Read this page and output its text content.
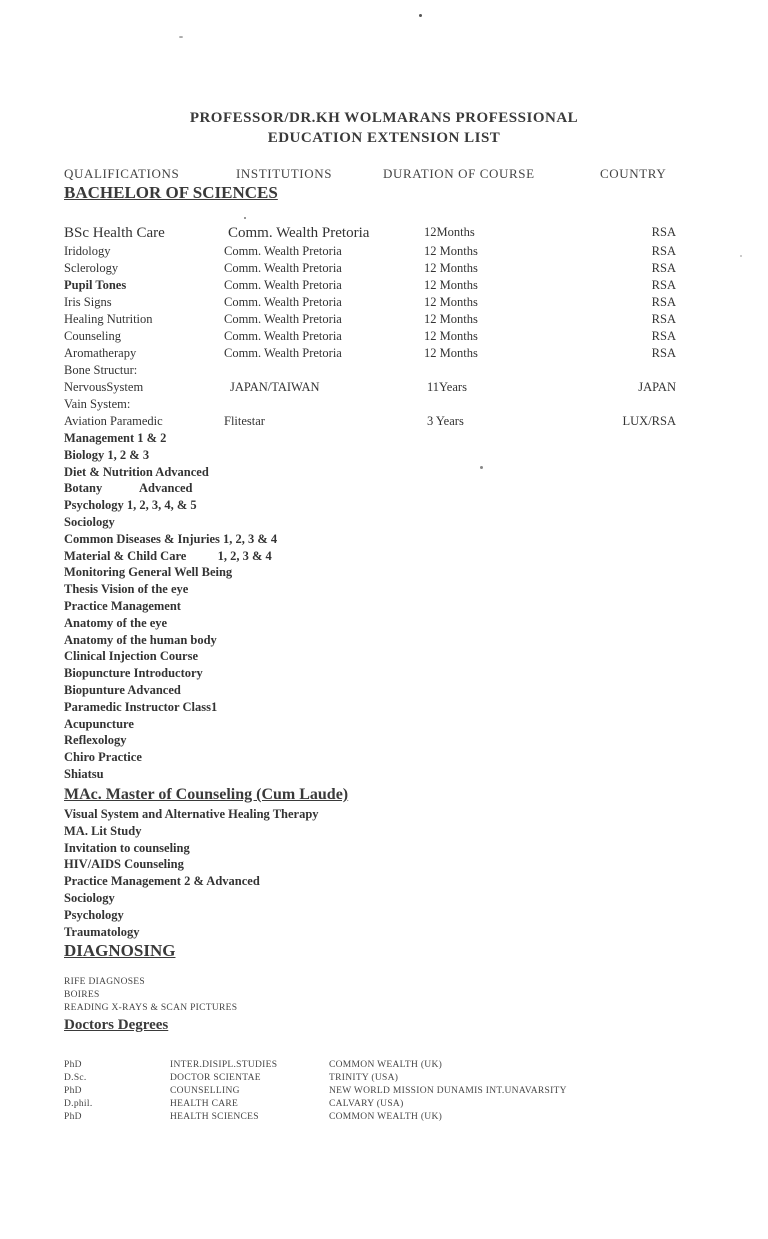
PROFESSOR/DR.KH WOLMARANS PROFESSIONAL
EDUCATION EXTENSION LIST
QUALIFICATIONS	INSTITUTIONS	DURATION OF COURSE	COUNTRY
BACHELOR OF SCIENCES
BSc Health Care	Comm. Wealth Pretoria	12Months	RSA
Iridology	Comm. Wealth Pretoria	12 Months	RSA
Sclerology	Comm. Wealth Pretoria	12 Months	RSA
Pupil Tones	Comm. Wealth Pretoria	12 Months	RSA
Iris Signs	Comm. Wealth Pretoria	12 Months	RSA
Healing Nutrition	Comm. Wealth Pretoria	12 Months	RSA
Counseling	Comm. Wealth Pretoria	12 Months	RSA
Aromatherapy	Comm. Wealth Pretoria	12 Months	RSA
Bone Structur:
NervousSystem	JAPAN/TAIWAN	11Years	JAPAN
Vain System:
Aviation Paramedic	Flitestar	3 Years	LUX/RSA
Management 1 & 2
Biology 1, 2 & 3
Diet & Nutrition Advanced
Botany            Advanced
Psychology 1, 2, 3, 4, & 5
Sociology
Common Diseases & Injuries 1, 2, 3 & 4
Material & Child Care          1, 2, 3 & 4
Monitoring General Well Being
Thesis Vision of the eye
Practice Management
Anatomy of the eye
Anatomy of the human body
Clinical Injection Course
Biopuncture Introductory
Biopunture Advanced
Paramedic Instructor Class1
Acupuncture
Reflexology
Chiro Practice
Shiatsu
MAc. Master of Counseling (Cum Laude)
Visual System and Alternative Healing Therapy
MA. Lit Study
Invitation to counseling
HIV/AIDS Counseling
Practice Management 2 & Advanced
Sociology
Psychology
Traumatology
DIAGNOSING
RIFE DIAGNOSES
BOIRES
READING X-RAYS & SCAN PICTURES
Doctors Degrees
PhD	INTER.DISIPL.STUDIES	COMMON WEALTH (UK)
D.Sc.	DOCTOR SCIENTAE	TRINITY (USA)
PhD	COUNSELLING	NEW WORLD MISSION DUNAMIS INT.UNAVARSITY
D.phil.	HEALTH CARE	CALVARY (USA)
PhD	HEALTH SCIENCES	COMMON WEALTH (UK)
